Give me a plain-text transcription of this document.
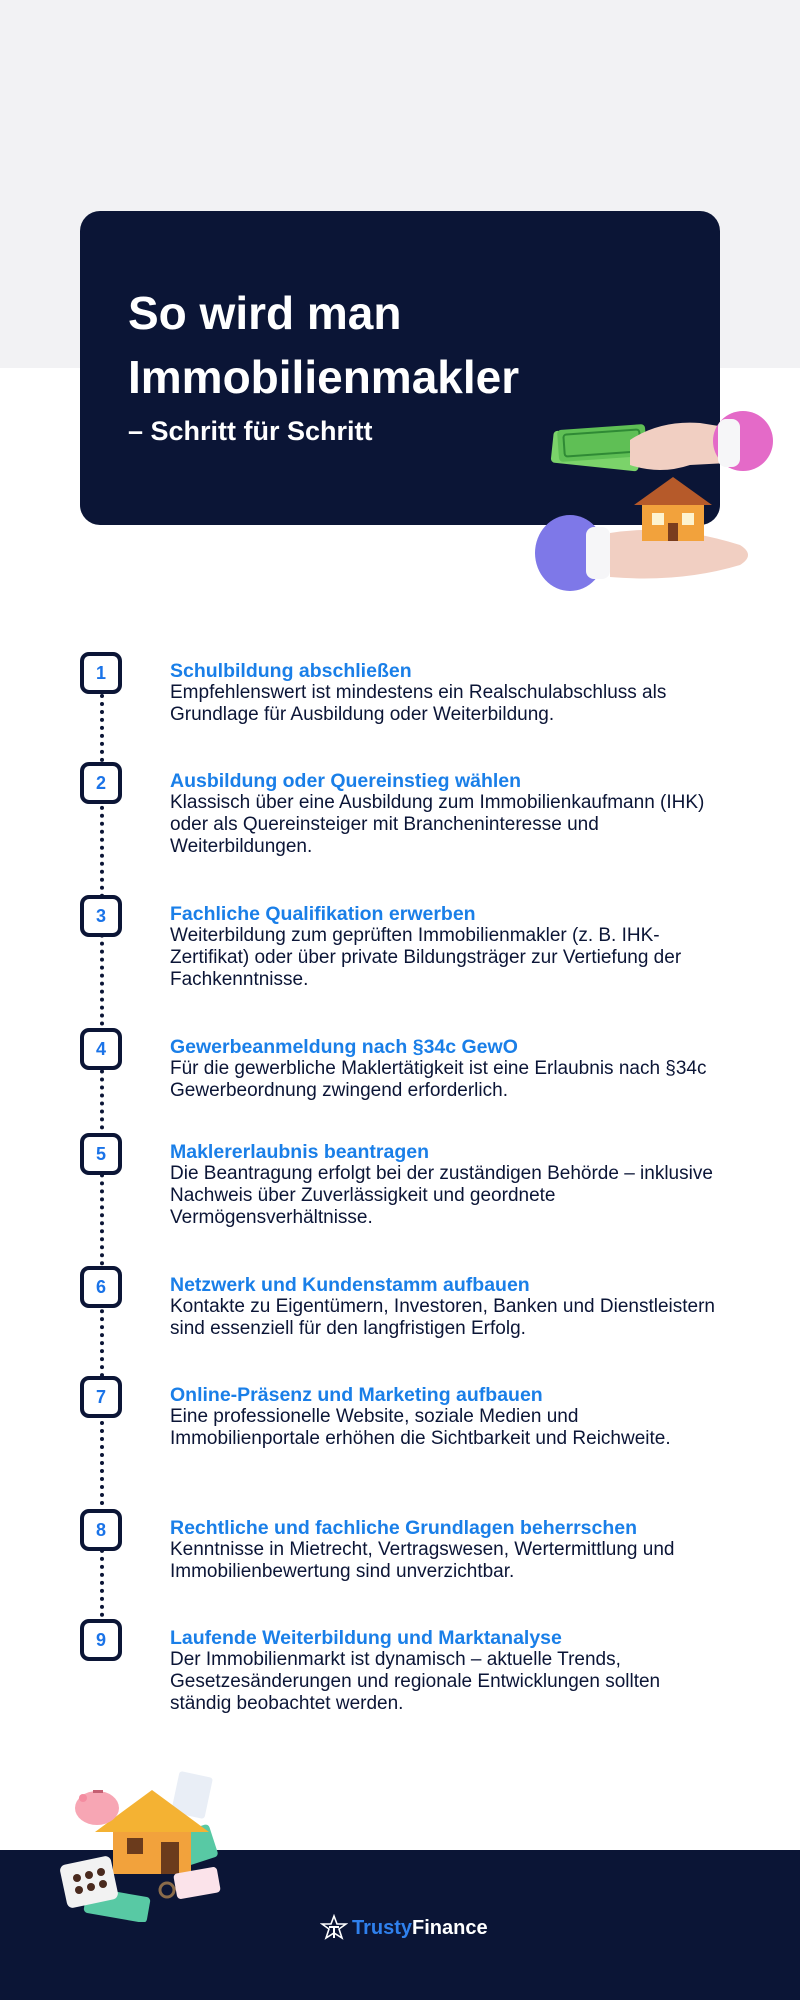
So wird man Immobilienmakler

– Schritt für Schritt

1	Schulbildung abschließen

Empfehlenswert ist mindestens ein Realschulabschluss als Grundlage für Ausbildung oder Weiterbildung.

2	Ausbildung oder Quereinstieg wählen

Klassisch über eine Ausbildung zum Immobilienkaufmann (IHK) oder als Quereinsteiger mit Brancheninteresse und Weiterbildungen.

3	Fachliche Qualifikation erwerben

Weiterbildung zum geprüften Immobilienmakler (z. B. IHK-Zertifikat) oder über private Bildungsträger zur Vertiefung der Fachkenntnisse.

4	Gewerbeanmeldung nach §34c GewO

Für die gewerbliche Maklertätigkeit ist eine Erlaubnis nach §34c Gewerbeordnung zwingend erforderlich.

5	Maklererlaubnis beantragen

Die Beantragung erfolgt bei der zuständigen Behörde – inklusive Nachweis über Zuverlässigkeit und geordnete Vermögensverhältnisse.

6	Netzwerk und Kundenstamm aufbauen

Kontakte zu Eigentümern, Investoren, Banken und Dienstleistern sind essenziell für den langfristigen Erfolg.

7	Online-Präsenz und Marketing aufbauen

Eine professionelle Website, soziale Medien und Immobilienportale erhöhen die Sichtbarkeit und Reichweite.

8	Rechtliche und fachliche Grundlagen beherrschen

Kenntnisse in Mietrecht, Vertragswesen, Wertermittlung und Immobilienbewertung sind unverzichtbar.

9	Laufende Weiterbildung und Marktanalyse

Der Immobilienmarkt ist dynamisch – aktuelle Trends, Gesetzesänderungen und regionale Entwicklungen sollten ständig beobachtet werden.

TrustyFinance
